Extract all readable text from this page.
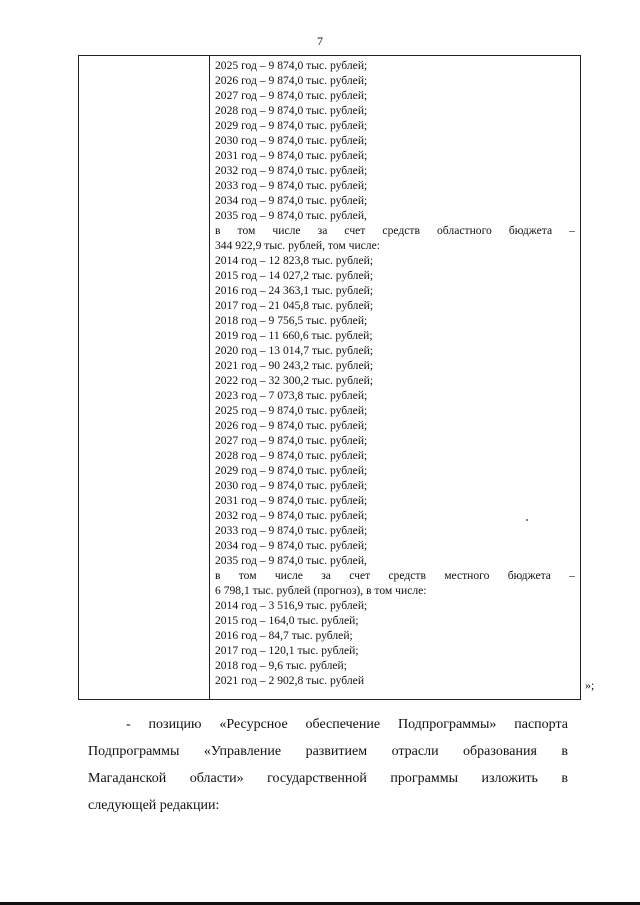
7
2025 год – 9 874,0 тыс. рублей;
2026 год – 9 874,0 тыс. рублей;
2027 год – 9 874,0 тыс. рублей;
2028 год – 9 874,0 тыс. рублей;
2029 год – 9 874,0 тыс. рублей;
2030 год – 9 874,0 тыс. рублей;
2031 год – 9 874,0 тыс. рублей;
2032 год – 9 874,0 тыс. рублей;
2033 год – 9 874,0 тыс. рублей;
2034 год – 9 874,0 тыс. рублей;
2035 год – 9 874,0 тыс. рублей,
в том числе за счет средств областного бюджета –
344 922,9 тыс. рублей, том числе:
2014 год – 12 823,8 тыс. рублей;
2015 год – 14 027,2 тыс. рублей;
2016 год – 24 363,1 тыс. рублей;
2017 год – 21 045,8 тыс. рублей;
2018 год – 9 756,5 тыс. рублей;
2019 год – 11 660,6 тыс. рублей;
2020 год – 13 014,7 тыс. рублей;
2021 год – 90 243,2 тыс. рублей;
2022 год – 32 300,2 тыс. рублей;
2023 год – 7 073,8 тыс. рублей;
2025 год – 9 874,0 тыс. рублей;
2026 год – 9 874,0 тыс. рублей;
2027 год – 9 874,0 тыс. рублей;
2028 год – 9 874,0 тыс. рублей;
2029 год – 9 874,0 тыс. рублей;
2030 год – 9 874,0 тыс. рублей;
2031 год – 9 874,0 тыс. рублей;
2032 год – 9 874,0 тыс. рублей;
2033 год – 9 874,0 тыс. рублей;
2034 год – 9 874,0 тыс. рублей;
2035 год – 9 874,0 тыс. рублей,
в том числе за счет средств местного бюджета –
6 798,1 тыс. рублей (прогноз), в том числе:
2014 год – 3 516,9 тыс. рублей;
2015 год – 164,0 тыс. рублей;
2016 год – 84,7 тыс. рублей;
2017 год – 120,1 тыс. рублей;
2018 год – 9,6 тыс. рублей;
2021 год – 2 902,8 тыс. рублей	»;
- позицию «Ресурсное обеспечение Подпрограммы» паспорта
Подпрограммы «Управление развитием отрасли образования в
Магаданской области» государственной программы изложить в
следующей редакции:
